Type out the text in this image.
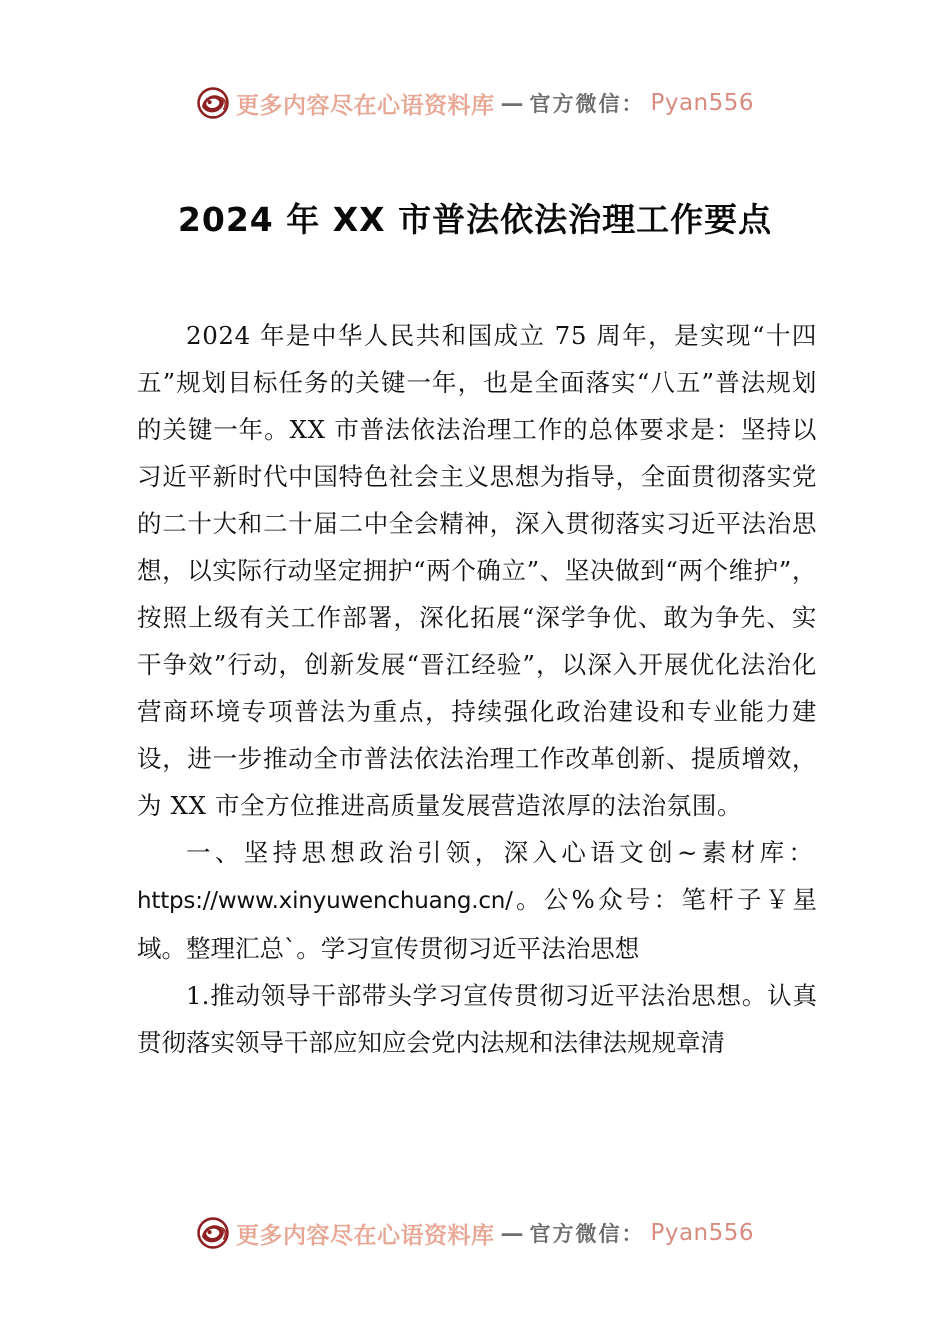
更多内容尽在心语资料库 — 官方微信： Pyan556
2024 年 XX 市普法依法治理工作要点

2024 年是中华人民共和国成立 75 周年，是实现“十四五”规划目标任务的关键一年，也是全面落实“八五”普法规划的关键一年。XX 市普法依法治理工作的总体要求是：坚持以习近平新时代中国特色社会主义思想为指导，全面贯彻落实党的二十大和二十届二中全会精神，深入贯彻落实习近平法治思想，以实际行动坚定拥护“两个确立”、坚决做到“两个维护”，按照上级有关工作部署，深化拓展“深学争优、敢为争先、实干争效”行动，创新发展“晋江经验”，以深入开展优化法治化营商环境专项普法为重点，持续强化政治建设和专业能力建设，进一步推动全市普法依法治理工作改革创新、提质增效，为 XX 市全方位推进高质量发展营造浓厚的法治氛围。

一、坚持思想政治引领，深入心语文创~素材库：https://www.xinyuwenchuang.cn/。公%众号：笔杆子￥星域。整理汇总`。学习宣传贯彻习近平法治思想

1.推动领导干部带头学习宣传贯彻习近平法治思想。认真贯彻落实领导干部应知应会党内法规和法律法规规章清

更多内容尽在心语资料库 — 官方微信： Pyan556
